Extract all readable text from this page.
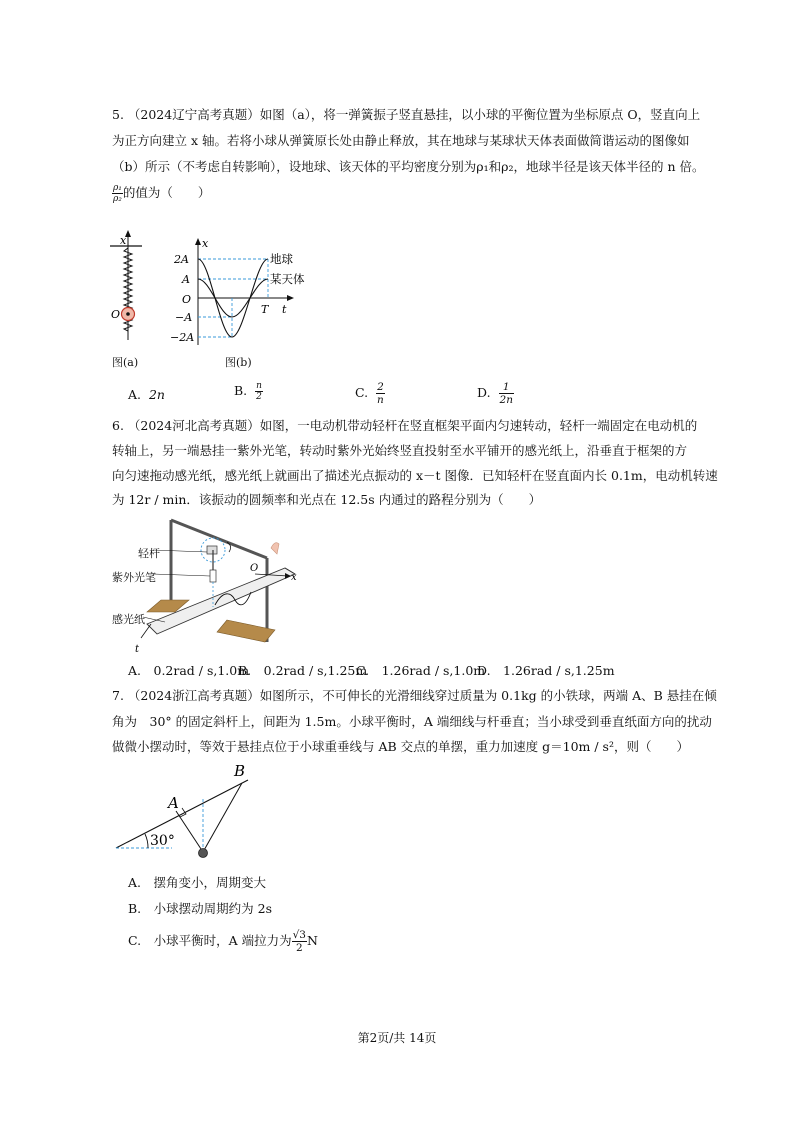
5. （2024辽宁高考真题）如图（a），将一弹簧振子竖直悬挂，以小球的平衡位置为坐标原点 O，竖直向上
为正方向建立 x 轴。若将小球从弹簧原长处由静止释放，其在地球与某球状天体表面做简谐运动的图像如
（b）所示（不考虑自转影响），设地球、该天体的平均密度分别为ρ₁和ρ₂，地球半径是该天体半径的 n 倍。
$\frac{\text{ρ₁}}{\text{ρ₂}}$ 的值为（　　）
x
O
图(a)
x
t
2A
A
O
−A
−2A
T
地球
某天体
图(b)
A. 2n	B. $\frac{n}{2}$	C. $\frac{2}{n}$	D. $\frac{1}{2n}$
6. （2024河北高考真题）如图，一电动机带动轻杆在竖直框架平面内匀速转动，轻杆一端固定在电动机的
转轴上，另一端悬挂一紫外光笔，转动时紫外光始终竖直投射至水平铺开的感光纸上，沿垂直于框架的方
向匀速拖动感光纸，感光纸上就画出了描述光点振动的 x－t 图像．已知轻杆在竖直面内长 0.1m，电动机转速
为 12r / min．该振动的圆频率和光点在 12.5s 内通过的路程分别为（　　）
O
x
t
轻杆
紫外光笔
感光纸
A.　0.2rad / s,1.0m
B.　0.2rad / s,1.25m
C.　1.26rad / s,1.0m
D.　1.26rad / s,1.25m
7. （2024浙江高考真题）如图所示，不可伸长的光滑细线穿过质量为 0.1kg 的小铁球，两端 A、B 悬挂在倾
角为　30° 的固定斜杆上，间距为 1.5m。小球平衡时，A 端细线与杆垂直；当小球受到垂直纸面方向的扰动
做微小摆动时，等效于悬挂点位于小球重垂线与 AB 交点的单摆，重力加速度 g＝10m / s²，则（　　）
30°
A
B
A.　摆角变小，周期变大
B.　小球摆动周期约为 2s
C.　小球平衡时，A 端拉力为 $\frac{√3}{2}$ N
第2页/共 14页
